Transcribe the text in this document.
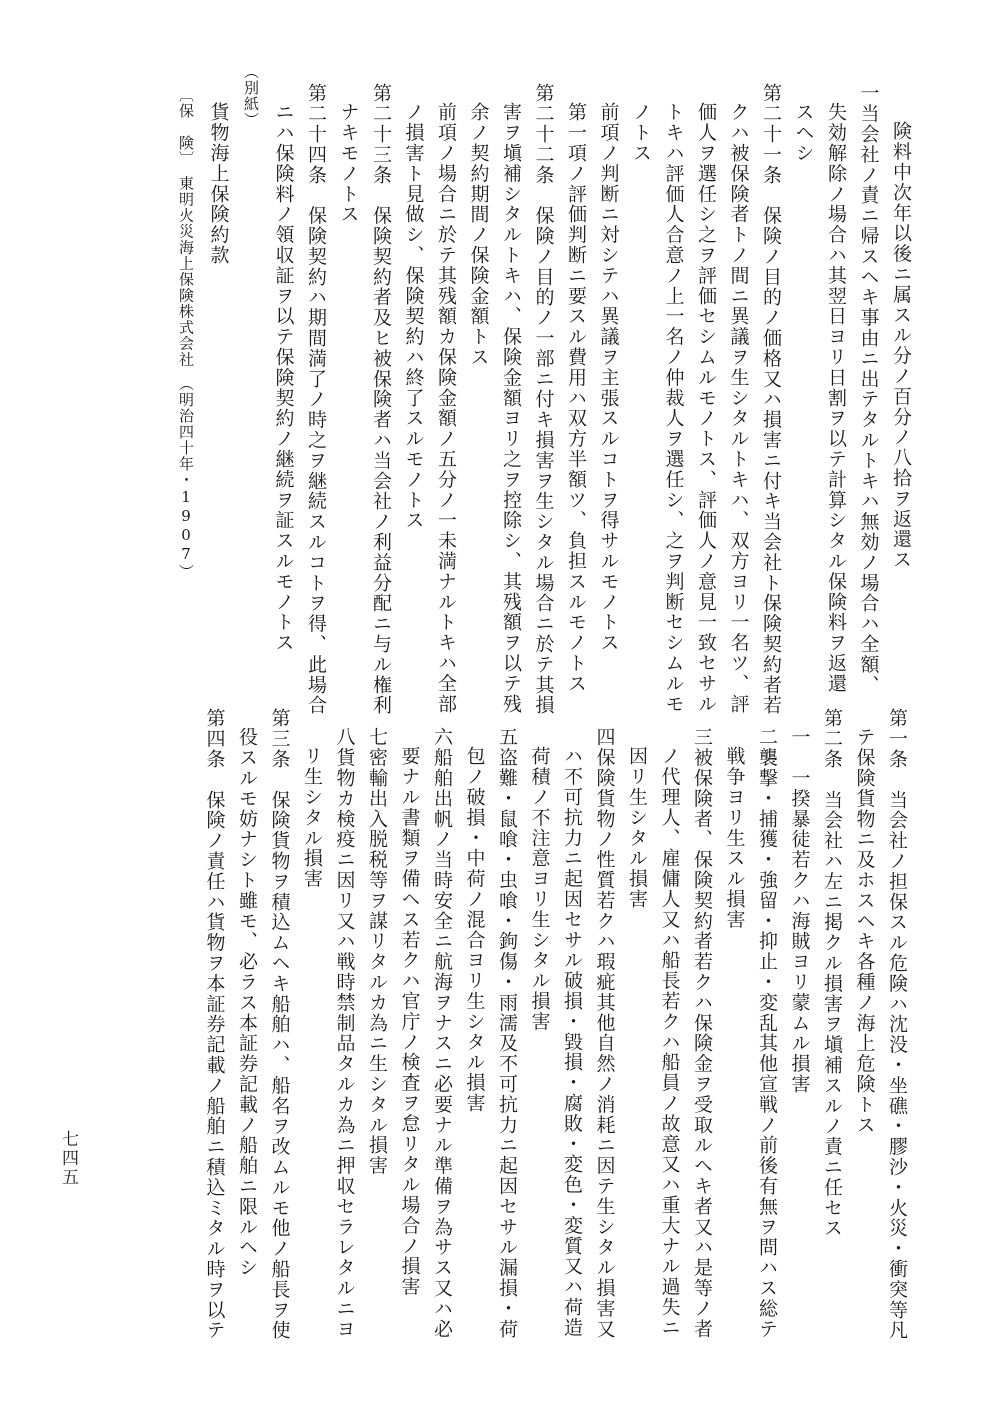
険料中次年以後ニ属スル分ノ百分ノ八拾ヲ返還ス

一当会社ノ責ニ帰スヘキ事由ニ出テタルトキハ無効ノ場合ハ全額、

失効解除ノ場合ハ其翌日ヨリ日割ヲ以テ計算シタル保険料ヲ返還

スヘシ

第二十一条　保険ノ目的ノ価格又ハ損害ニ付キ当会社ト保険契約者若

クハ被保険者トノ間ニ異議ヲ生シタルトキハ、双方ヨリ一名ツ、評

価人ヲ選任シ之ヲ評価セシムルモノトス、評価人ノ意見一致セサル

トキハ評価人合意ノ上一名ノ仲裁人ヲ選任シ、之ヲ判断セシムルモ

ノトス

前項ノ判断ニ対シテハ異議ヲ主張スルコトヲ得サルモノトス

第一項ノ評価判断ニ要スル費用ハ双方半額ツ、負担スルモノトス

第二十二条　保険ノ目的ノ一部ニ付キ損害ヲ生シタル場合ニ於テ其損

害ヲ塡補シタルトキハ、保険金額ヨリ之ヲ控除シ、其残額ヲ以テ残

余ノ契約期間ノ保険金額トス

前項ノ場合ニ於テ其残額カ保険金額ノ五分ノ一未満ナルトキハ全部

ノ損害ト見做シ、保険契約ハ終了スルモノトス

第二十三条　保険契約者及ヒ被保険者ハ当会社ノ利益分配ニ与ル権利

ナキモノトス

第二十四条　保険契約ハ期間満了ノ時之ヲ継続スルコトヲ得、此場合

ニハ保険料ノ領収証ヲ以テ保険契約ノ継続ヲ証スルモノトス

（別紙）

貨物海上保険約款

〔保　険〕　東明火災海上保険株式会社　（明治四十年・1907）

第一条　当会社ノ担保スル危険ハ沈没・坐礁・膠沙・火災・衝突等凡

テ保険貨物ニ及ホスヘキ各種ノ海上危険トス

第二条　当会社ハ左ニ掲クル損害ヲ塡補スルノ責ニ任セス

一　一揆暴徒若クハ海賊ヨリ蒙ムル損害

二襲撃・捕獲・強留・抑止・変乱其他宣戦ノ前後有無ヲ問ハス総テ

戦争ヨリ生スル損害

三被保険者、保険契約者若クハ保険金ヲ受取ルヘキ者又ハ是等ノ者

ノ代理人、雇傭人又ハ船長若クハ船員ノ故意又ハ重大ナル過失ニ

因リ生シタル損害

四保険貨物ノ性質若クハ瑕疵其他自然ノ消耗ニ因テ生シタル損害又

ハ不可抗力ニ起因セサル破損・毀損・腐敗・変色・変質又ハ荷造

荷積ノ不注意ヨリ生シタル損害

五盗難・鼠喰・虫喰・鉤傷・雨濡及不可抗力ニ起因セサル漏損・荷

包ノ破損・中荷ノ混合ヨリ生シタル損害

六船舶出帆ノ当時安全ニ航海ヲナスニ必要ナル準備ヲ為サス又ハ必

要ナル書類ヲ備ヘス若クハ官庁ノ検査ヲ怠リタル場合ノ損害

七密輸出入脱税等ヲ謀リタルカ為ニ生シタル損害

八貨物カ検疫ニ因リ又ハ戦時禁制品タルカ為ニ押収セラレタルニヨ

リ生シタル損害

第三条　保険貨物ヲ積込ムヘキ船舶ハ、船名ヲ改ムルモ他ノ船長ヲ使

役スルモ妨ナシト雖モ、必ラス本証券記載ノ船舶ニ限ルヘシ

第四条　保険ノ責任ハ貨物ヲ本証券記載ノ船舶ニ積込ミタル時ヲ以テ

七四五
